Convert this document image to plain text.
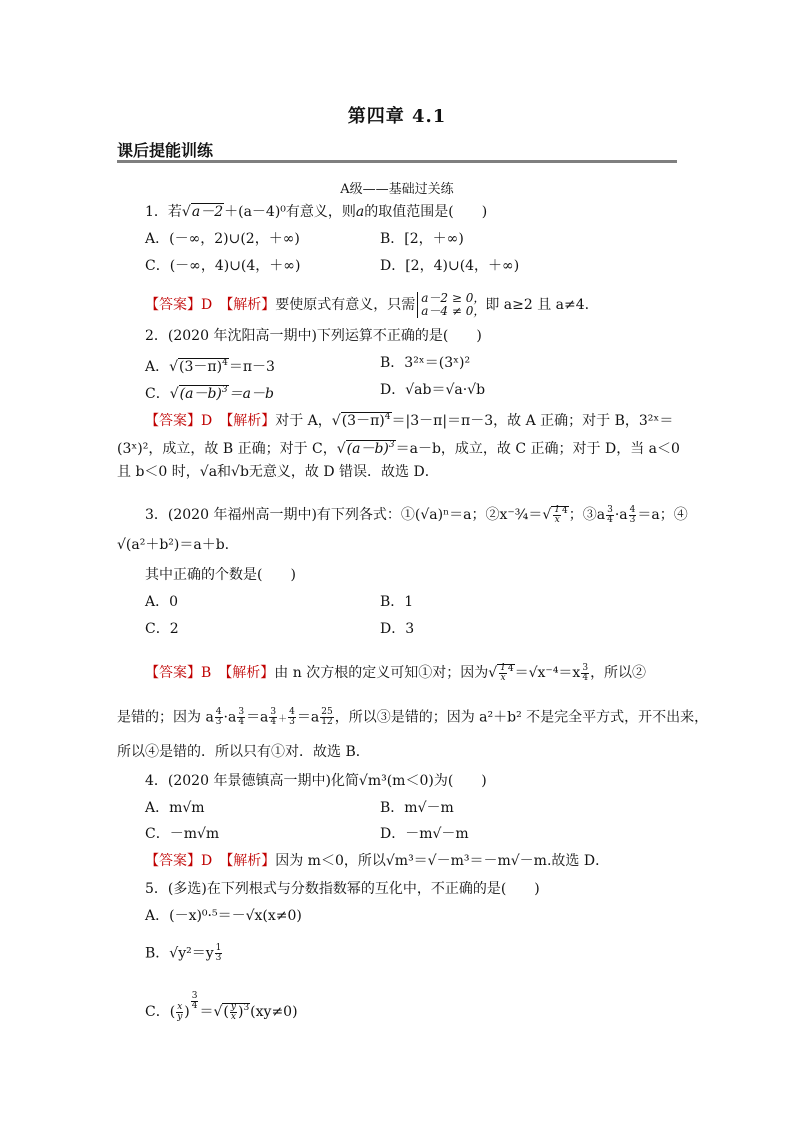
第四章 4.1
课后提能训练
A级——基础过关练
1．若√a－2＋(a－4)⁰有意义，则a的取值范围是(　　)
A．(－∞，2)∪(2，＋∞)	B．[2，＋∞)
C．(－∞，4)∪(4，＋∞)	D．[2，4)∪(4，＋∞)
【答案】D　【解析】要使原式有意义，只需 a－2 ≥ 0，
a－4 ≠ 0， 即 a≥2 且 a≠4.
2．(2020 年沈阳高一期中)下列运算不正确的是(　　)
A．$√(3-\pi)^4=\pi-3$	B．3²ˣ＝(3ˣ)²
C．$√(a-b)^3=a-b$	D．√ab＝√a·√b
【答案】D　【解析】对于 A，$√(3-\pi)^4=|3-\pi|=\pi-3$，故 A 正确；对于 B，3²ˣ＝
(3ˣ)²，成立，故 B 正确；对于 C，$√(a-b)^3=a-b$，成立，故 C 正确；对于 D，当 a＜0
且 b＜0 时，√a和√b无意义，故 D 错误．故选 D．
3．(2020 年福州高一期中)有下列各式：①(√a)ⁿ＝a；②x⁻¾＝√ $\frac{1}{x} ^4$；③a $\frac{3}{4} \cdot a \frac{4}{3} =a$；④
√(a²＋b²)＝a＋b.
其中正确的个数是(　　)
A．0	B．1
C．2	D．3
【答案】B　【解析】由 n 次方根的定义可知①对；因为√ $\frac{1}{x} ^4=√x^{-4}=x \frac{3}{4}$ ，所以②
是错的；因为 a $\frac{4}{3} \cdot a \frac{3}{4} =a \frac{3}{4} + \frac{4}{3} =a \frac{25}{12}$ ，所以③是错的；因为 a²＋b² 不是完全平方式，开不出来，
所以④是错的．所以只有①对．故选 B．
4．(2020 年景德镇高一期中)化简√m³(m＜0)为(　　)
A．m√m	B．m√－m
C．－m√m	D．－m√－m
【答案】D　【解析】因为 m＜0，所以√m³＝√－m³＝－m√－m.故选 D．
5．(多选)在下列根式与分数指数幂的互化中，不正确的是(　　)
A．(－x)⁰·⁵＝－√x(x≠0)
B．$√y^2=y \frac{1}{3}$
C．( $\frac{x}{y}$ )
$\frac{3}{4}$
＝√( $\frac{y}{x} )^3(xy\ne 0)$
